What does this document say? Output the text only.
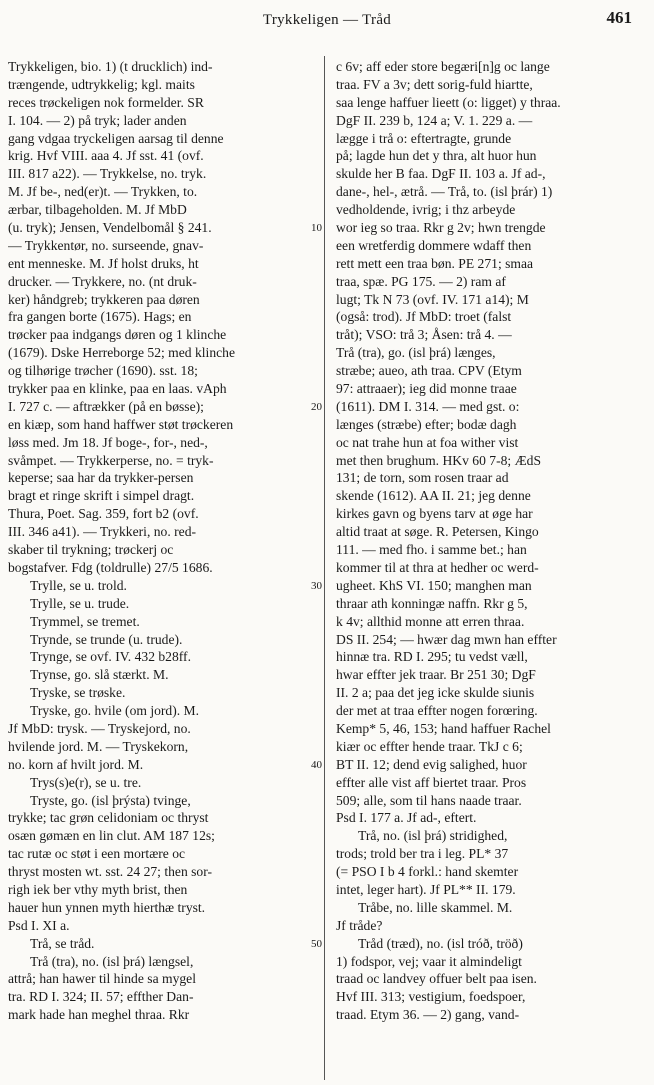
Trykkeligen — Tråd	461
Trykkeligen, bio. 1) (t drucklich) ind-
trængende, udtrykkelig; kgl. maits
reces trøckeligen nok formelder. SR
I. 104. — 2) på tryk; lader anden
gang vdgaa tryckeligen aarsag til denne
krig. Hvf VIII. aaa 4. Jf sst. 41 (ovf.
III. 817 a22). — Trykkelse, no. tryk.
M. Jf be-, ned(er)t. — Trykken, to.
ærbar, tilbageholden. M. Jf MbD
(u. tryk); Jensen, Vendelbomål § 241.
— Trykkentør, no. surseende, gnav-
ent menneske. M. Jf holst druks, ht
drucker. — Trykkere, no. (nt druk-
ker) håndgreb; trykkeren paa døren
fra gangen borte (1675). Hags; en
trøcker paa indgangs døren og 1 klinche
(1679). Dske Herreborge 52; med klinche
og tilhørige trøcher (1690). sst. 18;
trykker paa en klinke, paa en laas. vAph
I. 727 c. — aftrækker (på en bøsse);
en kiæp, som hand haffwer støt trøckeren
løss med. Jm 18. Jf boge-, for-, ned-,
svåmpet. — Trykkerperse, no. = tryk-
keperse; saa har da trykker-persen
bragt et ringe skrift i simpel dragt.
Thura, Poet. Sag. 359, fort b2 (ovf.
III. 346 a41). — Trykkeri, no. red-
skaber til trykning; trøckerj oc
bogstafver. Fdg (toldrulle) 27/5 1686.
Trylle, se u. trold.
Trylle, se u. trude.
Trymmel, se tremet.
Trynde, se trunde (u. trude).
Trynge, se ovf. IV. 432 b28ff.
Trynse, go. slå stærkt. M.
Tryske, se trøske.
Tryske, go. hvile (om jord). M.
Jf MbD: trysk. — Tryskejord, no.
hvilende jord. M. — Tryskekorn,
no. korn af hvilt jord. M.
Trys(s)e(r), se u. tre.
Tryste, go. (isl þrýsta) tvinge,
trykke; tac grøn celidoniam oc thryst
osæn gømæn en lin clut. AM 187 12s;
tac rutæ oc støt i een mortære oc
thryst mosten wt. sst. 24 27; then sor-
righ iek ber vthy myth brist, then
hauer hun ynnen myth hierthæ tryst.
Psd I. XI a.
Trå, se tråd.
Trå (tra), no. (isl þrá) længsel,
attrå; han hawer til hinde sa mygel
tra. RD I. 324; II. 57; effther Dan-
mark hade han meghel thraa. Rkr
c 6v; aff eder store begæri[n]g oc lange
traa. FV a 3v; dett sorig-fuld hiartte,
saa lenge haffuer lieett (o: ligget) y thraa.
DgF II. 239 b, 124 a; V. 1. 229 a. —
lægge i trå o: eftertragte, grunde
på; lagde hun det y thra, alt huor hun
skulde her B faa. DgF II. 103 a. Jf ad-,
dane-, hel-, ætrå. — Trå, to. (isl þrár) 1)
vedholdende, ivrig; i thz arbeyde
wor ieg so traa. Rkr g 2v; hwn trengde
een wretferdig dommere wdaff then
rett mett een traa bøn. PE 271; smaa
traa, spæ. PG 175. — 2) ram af
lugt; Tk N 73 (ovf. IV. 171 a14); M
(også: trod). Jf MbD: troet (falst
tråt); VSO: trå 3; Åsen: trå 4. —
Trå (tra), go. (isl þrá) længes,
stræbe; aueo, ath traa. CPV (Etym
97: attraaer); ieg did monne traae
(1611). DM I. 314. — med gst. o:
længes (stræbe) efter; bodæ dagh
oc nat trahe hun at foa wither vist
met then brughum. HKv 60 7-8; ÆdS
131; de torn, som rosen traar ad
skende (1612). AA II. 21; jeg denne
kirkes gavn og byens tarv at øge har
altid traat at søge. R. Petersen, Kingo
111. — med fho. i samme bet.; han
kommer til at thra at hedher oc werd-
ugheet. KhS VI. 150; manghen man
thraar ath konningæ naffn. Rkr g 5,
k 4v; allthid monne att erren thraa.
DS II. 254; — hwær dag mwn han effter
hinnæ tra. RD I. 295; tu vedst væll,
hwar effter jek traar. Br 251 30; DgF
II. 2 a; paa det jeg icke skulde siunis
der met at traa effter nogen forœring.
Kemp* 5, 46, 153; hand haffuer Rachel
kiær oc effter hende traar. TkJ c 6;
BT II. 12; dend evig salighed, huor
effter alle vist aff biertet traar. Pros
509; alle, som til hans naade traar.
Psd I. 177 a. Jf ad-, eftert.
Trå, no. (isl þrá) stridighed,
trods; trold ber tra i leg. PL* 37
(= PSO I b 4 forkl.: hand skemter
intet, leger hart). Jf PL** II. 179.
Tråbe, no. lille skammel. M.
Jf tråde?
Tråd (træd), no. (isl tróð, tröð)
1) fodspor, vej; vaar it almindeligt
traad oc landvey offuer belt paa isen.
Hvf III. 313; vestigium, foedspoer,
traad. Etym 36. — 2) gang, vand-
10
20
30
40
50
